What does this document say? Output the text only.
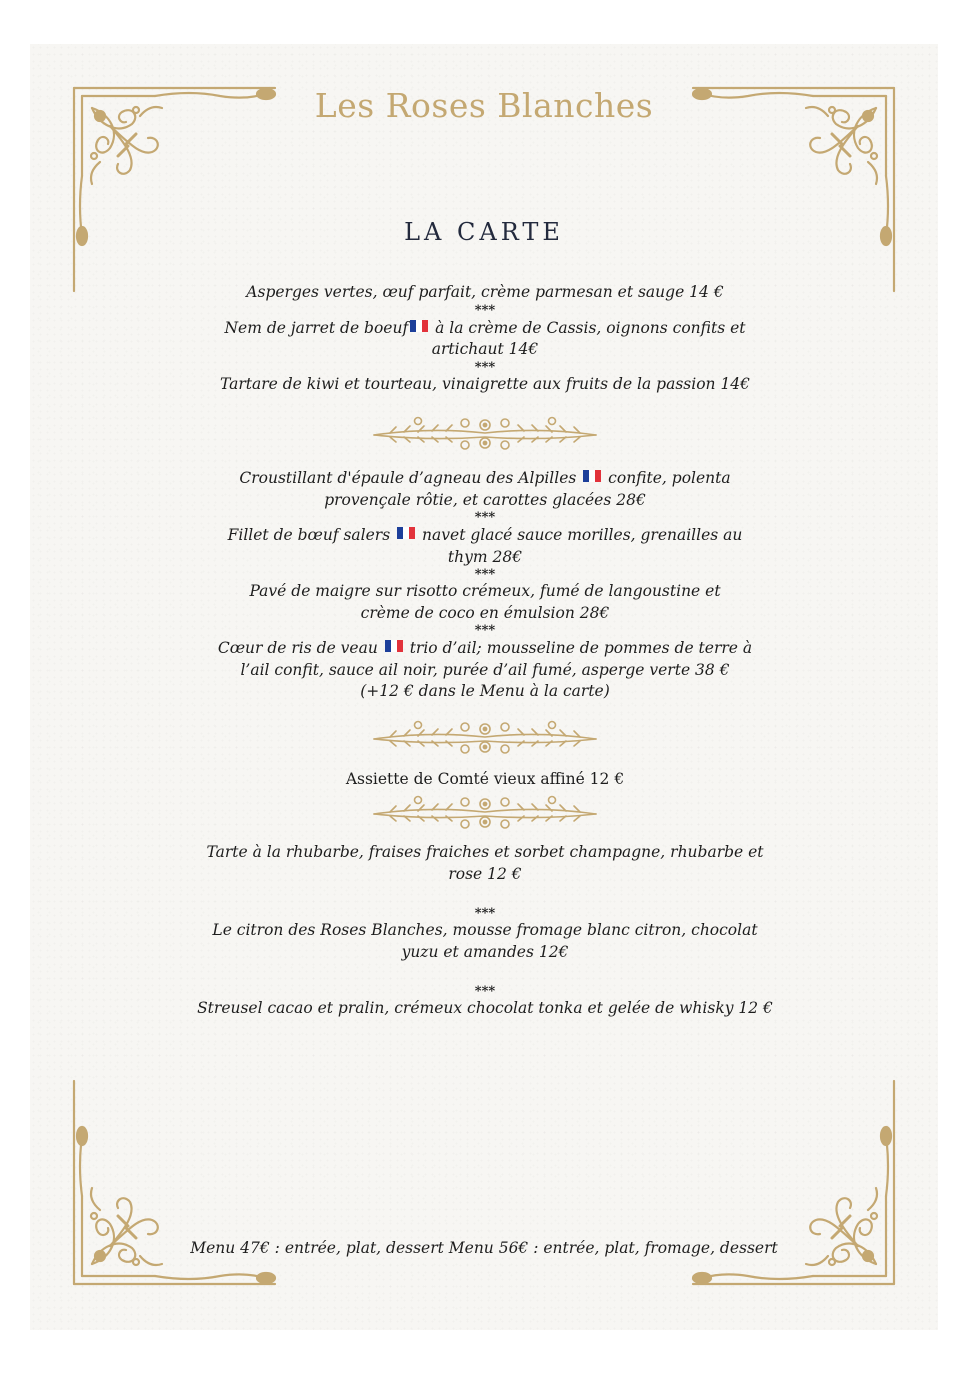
Les Roses Blanches
LA CARTE
Asperges vertes, œuf parfait, crème parmesan et sauge 14 €
***
Nem de jarret de boeuf à la crème de Cassis, oignons confits et artichaut 14€
***
Tartare de kiwi et tourteau, vinaigrette aux fruits de la passion 14€
Croustillant d'épaule d’agneau des Alpilles  confite, polenta provençale rôtie, et carottes glacées 28€
***
Fillet de bœuf salers  navet glacé sauce morilles, grenailles au thym 28€
***
Pavé de maigre sur risotto crémeux, fumé de langoustine et crème de coco en émulsion 28€
***
Cœur de ris de veau  trio d’ail; mousseline de pommes de terre à l’ail confit, sauce ail noir, purée d’ail fumé, asperge verte 38 €
(+12 € dans le Menu à la carte)
Assiette de Comté vieux affiné 12 €
Tarte à la rhubarbe, fraises fraiches et sorbet champagne, rhubarbe et rose 12 €
***
Le citron des Roses Blanches, mousse fromage blanc citron, chocolat yuzu et amandes 12€
***
Streusel cacao et pralin, crémeux chocolat tonka et gelée de whisky 12 €
Menu 47€ : entrée, plat, dessert Menu 56€ : entrée, plat, fromage, dessert
